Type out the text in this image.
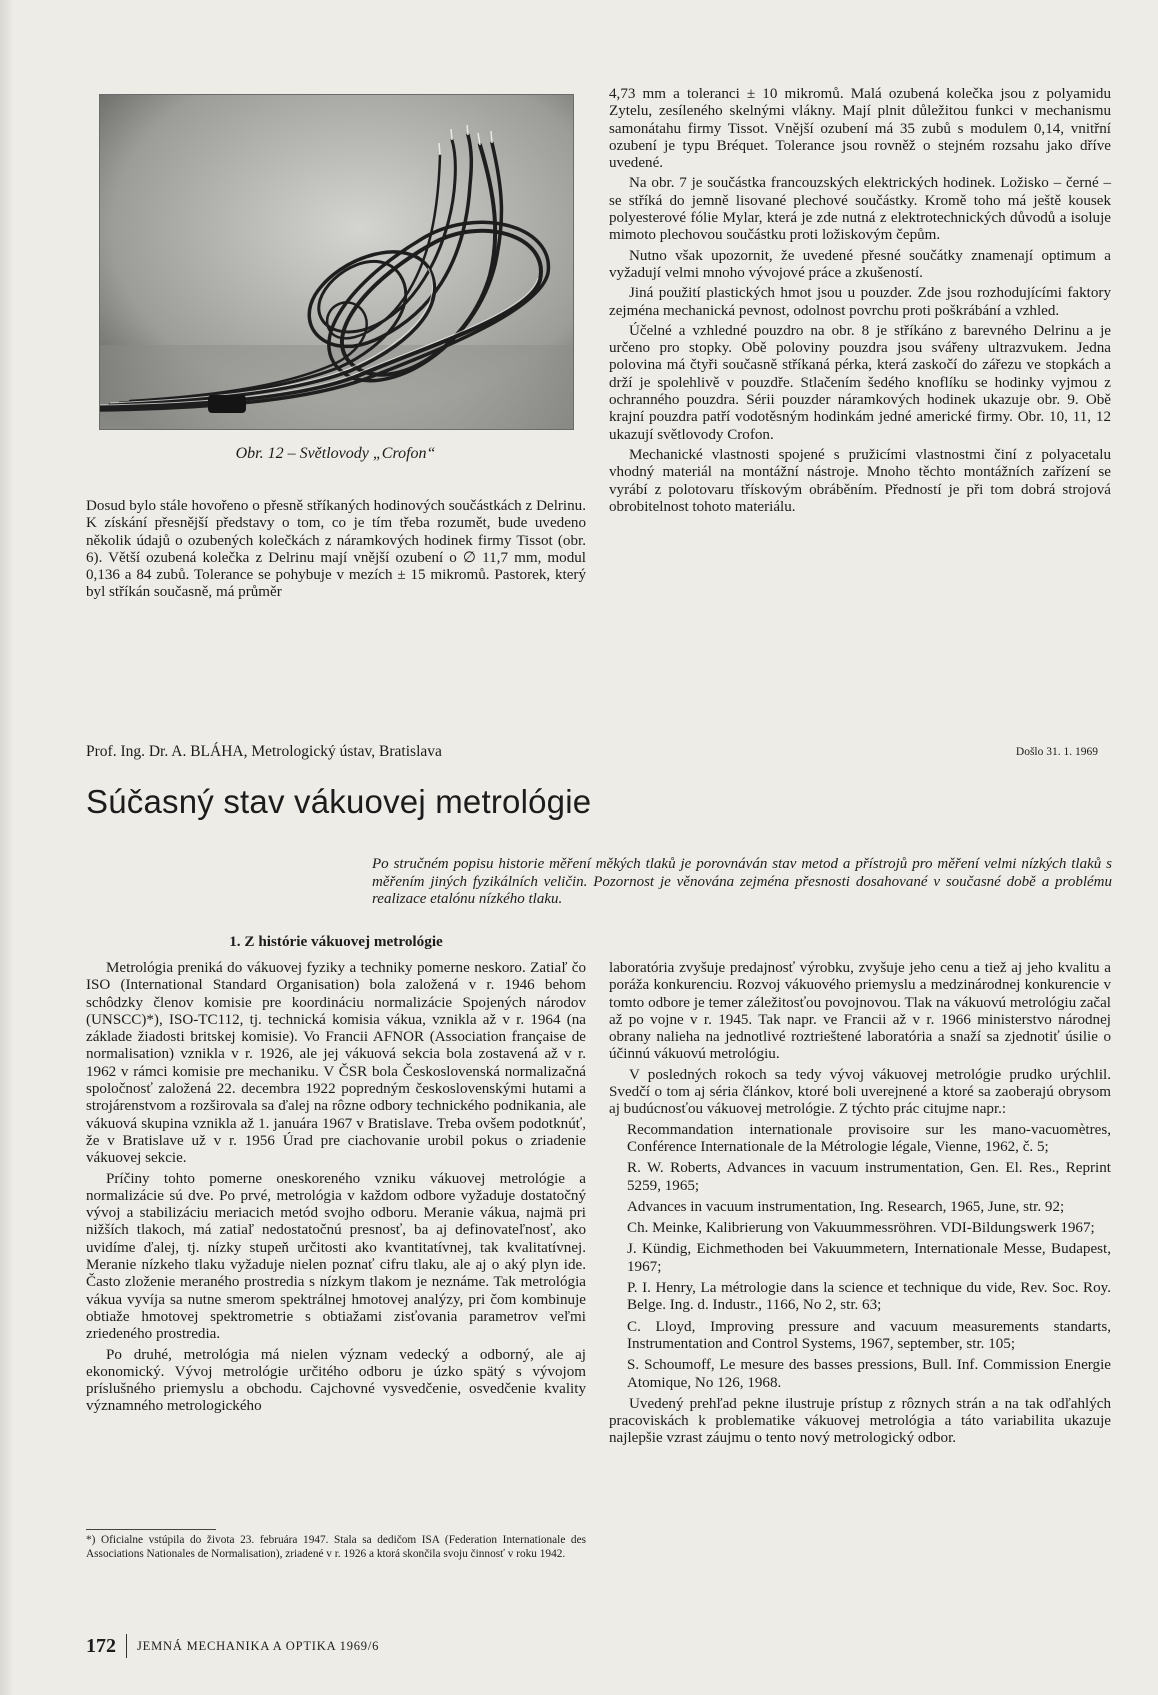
Obr. 12 – Světlovody „Crofon“

Dosud bylo stále hovořeno o přesně stříkaných hodinových součástkách z Delrinu. K získání přesnější představy o tom, co je tím třeba rozumět, bude uvedeno několik údajů o ozubených kolečkách z náramkových hodinek firmy Tissot (obr. 6). Větší ozubená kolečka z Delrinu mají vnější ozubení o ∅ 11,7 mm, modul 0,136 a 84 zubů. Tolerance se pohybuje v mezích ± 15 mikromů. Pastorek, který byl stříkán současně, má průměr

4,73 mm a toleranci ± 10 mikromů. Malá ozubená kolečka jsou z polyamidu Zytelu, zesíleného skelnými vlákny. Mají plnit důležitou funkci v mechanismu samonátahu firmy Tissot. Vnější ozubení má 35 zubů s modulem 0,14, vnitřní ozubení je typu Bréquet. Tolerance jsou rovněž o stejném rozsahu jako dříve uvedené.

Na obr. 7 je součástka francouzských elektrických hodinek. Ložisko – černé – se stříká do jemně lisované plechové součástky. Kromě toho má ještě kousek polyesterové fólie Mylar, která je zde nutná z elektrotechnických důvodů a isoluje mimoto plechovou součástku proti ložiskovým čepům.

Nutno však upozornit, že uvedené přesné součátky znamenají optimum a vyžadují velmi mnoho vývojové práce a zkušeností.

Jiná použití plastických hmot jsou u pouzder. Zde jsou rozhodujícími faktory zejména mechanická pevnost, odolnost povrchu proti poškrábání a vzhled.

Účelné a vzhledné pouzdro na obr. 8 je stříkáno z barevného Delrinu a je určeno pro stopky. Obě poloviny pouzdra jsou svářeny ultrazvukem. Jedna polovina má čtyři současně stříkaná pérka, která zaskočí do zářezu ve stopkách a drží je spolehlivě v pouzdře. Stlačením šedého knoflíku se hodinky vyjmou z ochranného pouzdra. Sérii pouzder náramkových hodinek ukazuje obr. 9. Obě krajní pouzdra patří vodotěsným hodinkám jedné americké firmy. Obr. 10, 11, 12 ukazují světlovody Crofon.

Mechanické vlastnosti spojené s pružicími vlastnostmi činí z polyacetalu vhodný materiál na montážní nástroje. Mnoho těchto montážních zařízení se vyrábí z polotovaru třískovým obráběním. Předností je při tom dobrá strojová obrobitelnost tohoto materiálu.

Prof. Ing. Dr. A. BLÁHA, Metrologický ústav, Bratislava	Došlo 31. 1. 1969
Súčasný stav vákuovej metrológie
Po stručném popisu historie měření měkých tlaků je porovnáván stav metod a přístrojů pro měření velmi nízkých tlaků s měřením jiných fyzikálních veličin. Pozornost je věnována zejména přesnosti dosahované v současné době a problému realizace etalónu nízkého tlaku.
1. Z histórie vákuovej metrológie

Metrológia preniká do vákuovej fyziky a techniky pomerne neskoro. Zatiaľ čo ISO (International Standard Organisation) bola založená v r. 1946 behom schôdzky členov komisie pre koordináciu normalizácie Spojených národov (UNSCC)*), ISO-TC112, tj. technická komisia vákua, vznikla až v r. 1964 (na základe žiadosti britskej komisie). Vo Francii AFNOR (Association française de normalisation) vznikla v r. 1926, ale jej vákuová sekcia bola zostavená až v r. 1962 v rámci komisie pre mechaniku. V ČSR bola Československá normalizačná spoločnosť založená 22. decembra 1922 popredným československými hutami a strojárenstvom a rozširovala sa ďalej na rôzne odbory technického podnikania, ale vákuová skupina vznikla až 1. januára 1967 v Bratislave. Treba ovšem podotknúť, že v Bratislave už v r. 1956 Úrad pre ciachovanie urobil pokus o zriadenie vákuovej sekcie.

Príčiny tohto pomerne oneskoreného vzniku vákuovej metrológie a normalizácie sú dve. Po prvé, metrológia v každom odbore vyžaduje dostatočný vývoj a stabilizáciu meriacich metód svojho odboru. Meranie vákua, najmä pri nižších tlakoch, má zatiaľ nedostatočnú presnosť, ba aj definovateľnosť, ako uvidíme ďalej, tj. nízky stupeň určitosti ako kvantitatívnej, tak kvalitatívnej. Meranie nízkeho tlaku vyžaduje nielen poznať cifru tlaku, ale aj o aký plyn ide. Často zloženie meraného prostredia s nízkym tlakom je neznáme. Tak metrológia vákua vyvíja sa nutne smerom spektrálnej hmotovej analýzy, pri čom kombinuje obtiaže hmotovej spektrometrie s obtiažami zisťovania parametrov veľmi zriedeného prostredia.

Po druhé, metrológia má nielen význam vedecký a odborný, ale aj ekonomický. Vývoj metrológie určitého odboru je úzko spätý s vývojom príslušného priemyslu a obchodu. Cajchovné vysvedčenie, osvedčenie kvality významného metrologického

laboratória zvyšuje predajnosť výrobku, zvyšuje jeho cenu a tiež aj jeho kvalitu a poráža konkurenciu. Rozvoj vákuového priemyslu a medzinárodnej konkurencie v tomto odbore je temer záležitosťou povojnovou. Tlak na vákuovú metrológiu začal až po vojne v r. 1945. Tak napr. ve Francii až v r. 1966 ministerstvo národnej obrany nalieha na jednotlivé roztrieštené laboratória a snaží sa zjednotiť úsilie o účinnú vákuovú metrológiu.

V posledných rokoch sa tedy vývoj vákuovej metrológie prudko urýchlil. Svedčí o tom aj séria článkov, ktoré boli uverejnené a ktoré sa zaoberajú obrysom aj budúcnosťou vákuovej metrológie. Z týchto prác citujme napr.:

Recommandation internationale provisoire sur les mano-vacuomètres, Conférence Internationale de la Métrologie légale, Vienne, 1962, č. 5;

R. W. Roberts, Advances in vacuum instrumentation, Gen. El. Res., Reprint 5259, 1965;

Advances in vacuum instrumentation, Ing. Research, 1965, June, str. 92;

Ch. Meinke, Kalibrierung von Vakuummessröhren. VDI-Bildungswerk 1967;

J. Kündig, Eichmethoden bei Vakuummetern, Internationale Messe, Budapest, 1967;

P. I. Henry, La métrologie dans la science et technique du vide, Rev. Soc. Roy. Belge. Ing. d. Industr., 1166, No 2, str. 63;

C. Lloyd, Improving pressure and vacuum measurements standarts, Instrumentation and Control Systems, 1967, september, str. 105;

S. Schoumoff, Le mesure des basses pressions, Bull. Inf. Commission Energie Atomique, No 126, 1968.

Uvedený prehľad pekne ilustruje prístup z rôznych strán a na tak odľahlých pracoviskách k problematike vákuovej metrológia a táto variabilita ukazuje najlepšie vzrast záujmu o tento nový metrologický odbor.

*) Oficialne vstúpila do života 23. februára 1947. Stala sa dedičom ISA (Federation Internationale des Associations Nationales de Normalisation), zriadené v r. 1926 a ktorá skončila svoju činnosť v roku 1942.
172 JEMNÁ MECHANIKA A OPTIKA 1969/6
